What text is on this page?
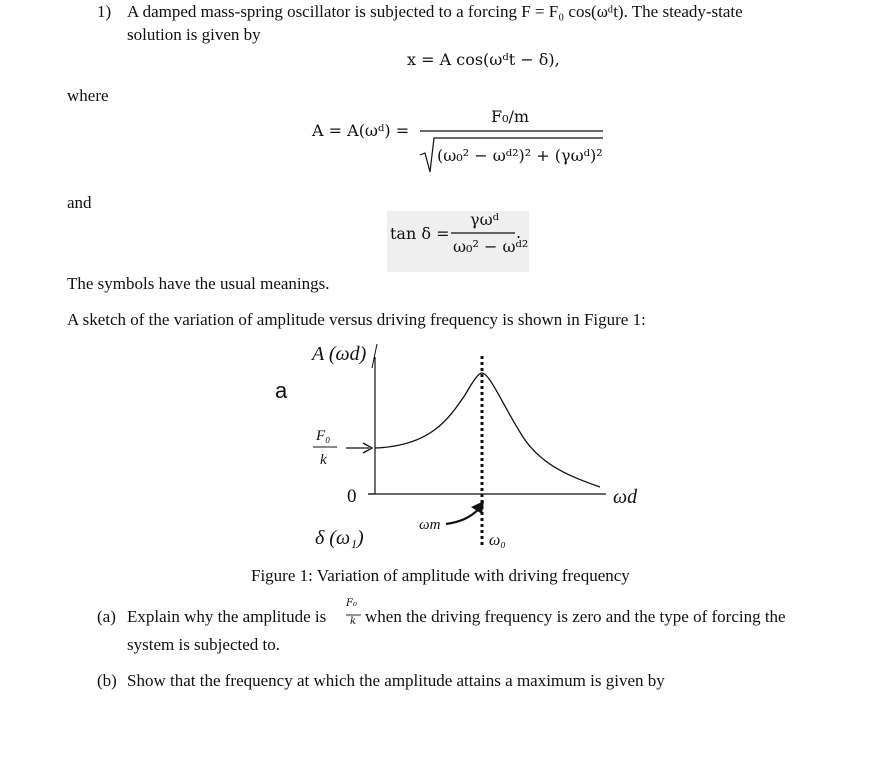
1) A damped mass-spring oscillator is subjected to a forcing F = F₀ cos(ωᵈt). The steady-state
solution is given by
x = A cos(ωᵈt − δ),
where
A = A(ωᵈ) =
F₀/m
(ω₀² − ωᵈ²)² + (γωᵈ)²
and
tan δ =
γωᵈ
ω₀² − ωᵈ²
.
The symbols have the usual meanings.
A sketch of the variation of amplitude versus driving frequency is shown in Figure 1:
A (ωd)
a
F₀
k
0	ωd
δ (ω₁)
ωm
ω₀
Figure 1: Variation of amplitude with driving frequency
(a) Explain why the amplitude is
F₀
k when the driving frequency is zero and the type of forcing the
system is subjected to.
(b) Show that the frequency at which the amplitude attains a maximum is given by
